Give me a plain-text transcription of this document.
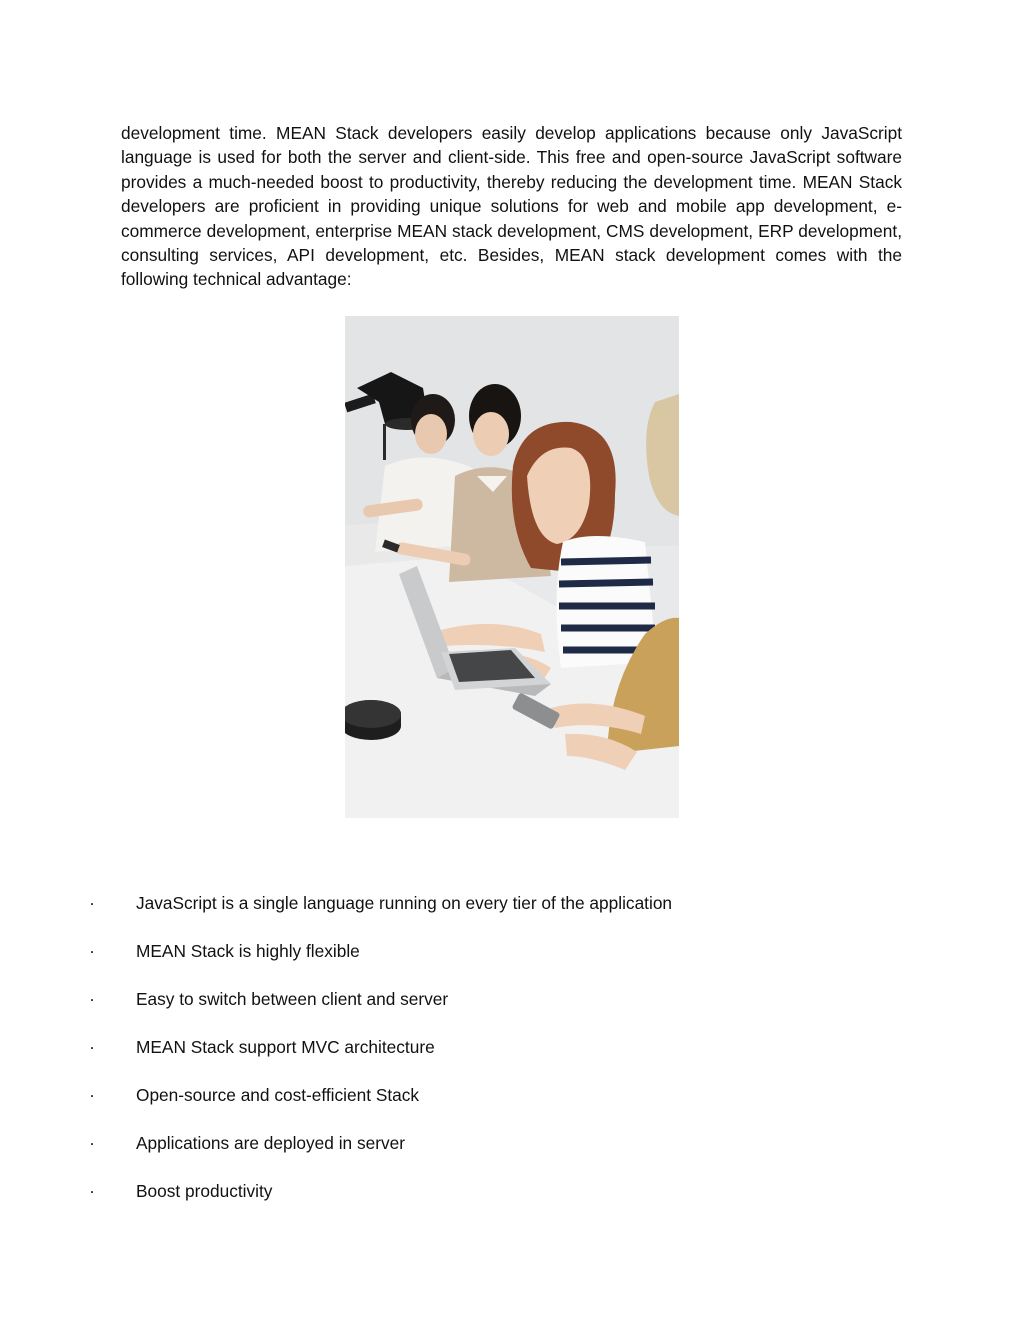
development time. MEAN Stack developers easily develop applications because only JavaScript language is used for both the server and client-side. This free and open-source JavaScript software provides a much-needed boost to productivity, thereby reducing the development time. MEAN Stack developers are proficient in providing unique solutions for web and mobile app development, e-commerce development, enterprise MEAN stack development, CMS development, ERP development, consulting services, API development, etc. Besides, MEAN stack development comes with the following technical advantage:

· JavaScript is a single language running on every tier of the application
· MEAN Stack is highly flexible
· Easy to switch between client and server
· MEAN Stack support MVC architecture
· Open-source and cost-efficient Stack
· Applications are deployed in server
· Boost productivity
